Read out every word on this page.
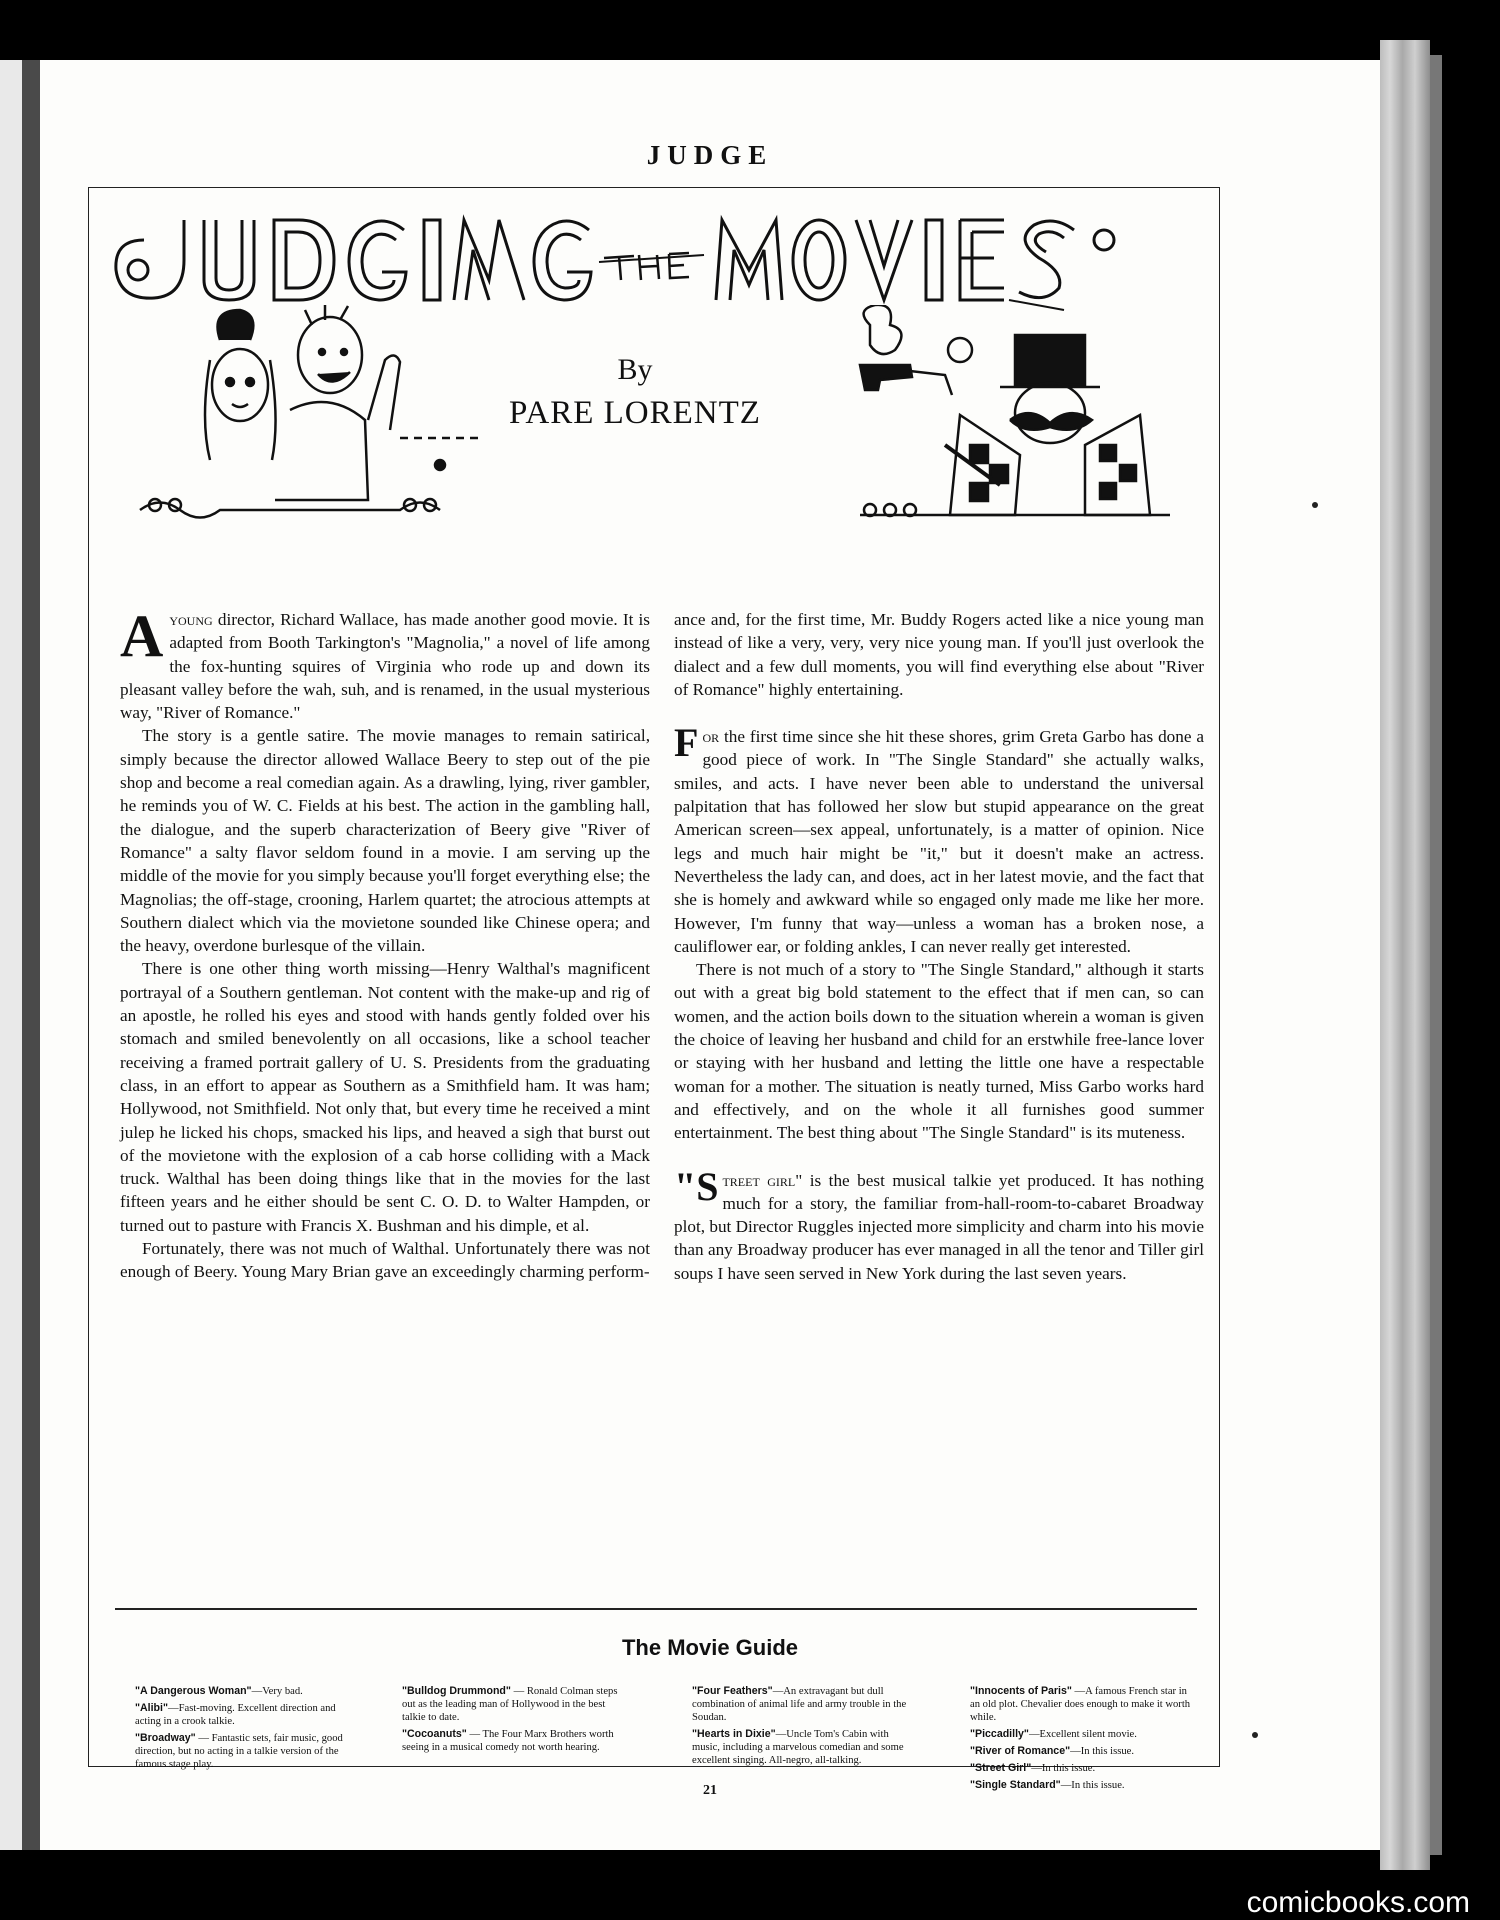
JUDGE
By
PARE LORENTZ

Ayoung director, Richard Wallace, has made another good movie. It is adapted from Booth Tarkington's "Magnolia," a novel of life among the fox-hunting squires of Virginia who rode up and down its pleasant valley before the wah, suh, and is renamed, in the usual mysterious way, "River of Romance."

The story is a gentle satire. The movie manages to remain satirical, simply because the director allowed Wallace Beery to step out of the pie shop and become a real comedian again. As a drawling, lying, river gambler, he reminds you of W. C. Fields at his best. The action in the gambling hall, the dialogue, and the superb characterization of Beery give "River of Romance" a salty flavor seldom found in a movie. I am serving up the middle of the movie for you simply because you'll forget everything else; the Magnolias; the off-stage, crooning, Harlem quartet; the atrocious attempts at Southern dialect which via the movietone sounded like Chinese opera; and the heavy, overdone burlesque of the villain.

There is one other thing worth missing—Henry Walthal's magnificent portrayal of a Southern gentleman. Not content with the make-up and rig of an apostle, he rolled his eyes and stood with hands gently folded over his stomach and smiled benevolently on all occasions, like a school teacher receiving a framed portrait gallery of U. S. Presidents from the graduating class, in an effort to appear as Southern as a Smithfield ham. It was ham; Hollywood, not Smithfield. Not only that, but every time he received a mint julep he licked his chops, smacked his lips, and heaved a sigh that burst out of the movietone with the explosion of a cab horse colliding with a Mack truck. Walthal has been doing things like that in the movies for the last fifteen years and he either should be sent C. O. D. to Walter Hampden, or turned out to pasture with Francis X. Bushman and his dimple, et al.

Fortunately, there was not much of Walthal. Unfortunately there was not enough of Beery. Young Mary Brian gave an exceedingly charming perform-

ance and, for the first time, Mr. Buddy Rogers acted like a nice young man instead of like a very, very, very nice young man. If you'll just overlook the dialect and a few dull moments, you will find everything else about "River of Romance" highly entertaining.

For the first time since she hit these shores, grim Greta Garbo has done a good piece of work. In "The Single Standard" she actually walks, smiles, and acts. I have never been able to understand the universal palpitation that has followed her slow but stupid appearance on the great American screen—sex appeal, unfortunately, is a matter of opinion. Nice legs and much hair might be "it," but it doesn't make an actress. Nevertheless the lady can, and does, act in her latest movie, and the fact that she is homely and awkward while so engaged only made me like her more. However, I'm funny that way—unless a woman has a broken nose, a cauliflower ear, or folding ankles, I can never really get interested.

There is not much of a story to "The Single Standard," although it starts out with a great big bold statement to the effect that if men can, so can women, and the action boils down to the situation wherein a woman is given the choice of leaving her husband and child for an erstwhile free-lance lover or staying with her husband and letting the little one have a respectable woman for a mother. The situation is neatly turned, Miss Garbo works hard and effectively, and on the whole it all furnishes good summer entertainment. The best thing about "The Single Standard" is its muteness.

"Street girl" is the best musical talkie yet produced. It has nothing much for a story, the familiar from-hall-room-to-cabaret Broadway plot, but Director Ruggles injected more simplicity and charm into his movie than any Broadway producer has ever managed in all the tenor and Tiller girl soups I have seen served in New York during the last seven years.

The Movie Guide

"A Dangerous Woman"—Very bad.

"Alibi"—Fast-moving. Excellent direction and acting in a crook talkie.

"Broadway" — Fantastic sets, fair music, good direction, but no acting in a talkie version of the famous stage play.

"Bulldog Drummond" — Ronald Colman steps out as the leading man of Hollywood in the best talkie to date.

"Cocoanuts" — The Four Marx Brothers worth seeing in a musical comedy not worth hearing.

"Four Feathers"—An extravagant but dull combination of animal life and army trouble in the Soudan.

"Hearts in Dixie"—Uncle Tom's Cabin with music, including a marvelous comedian and some excellent singing. All-negro, all-talking.

"Innocents of Paris" —A famous French star in an old plot. Chevalier does enough to make it worth while.

"Piccadilly"—Excellent silent movie.

"River of Romance"—In this issue.

"Street Girl"—In this issue.

"Single Standard"—In this issue.

21
comicbooks.com
